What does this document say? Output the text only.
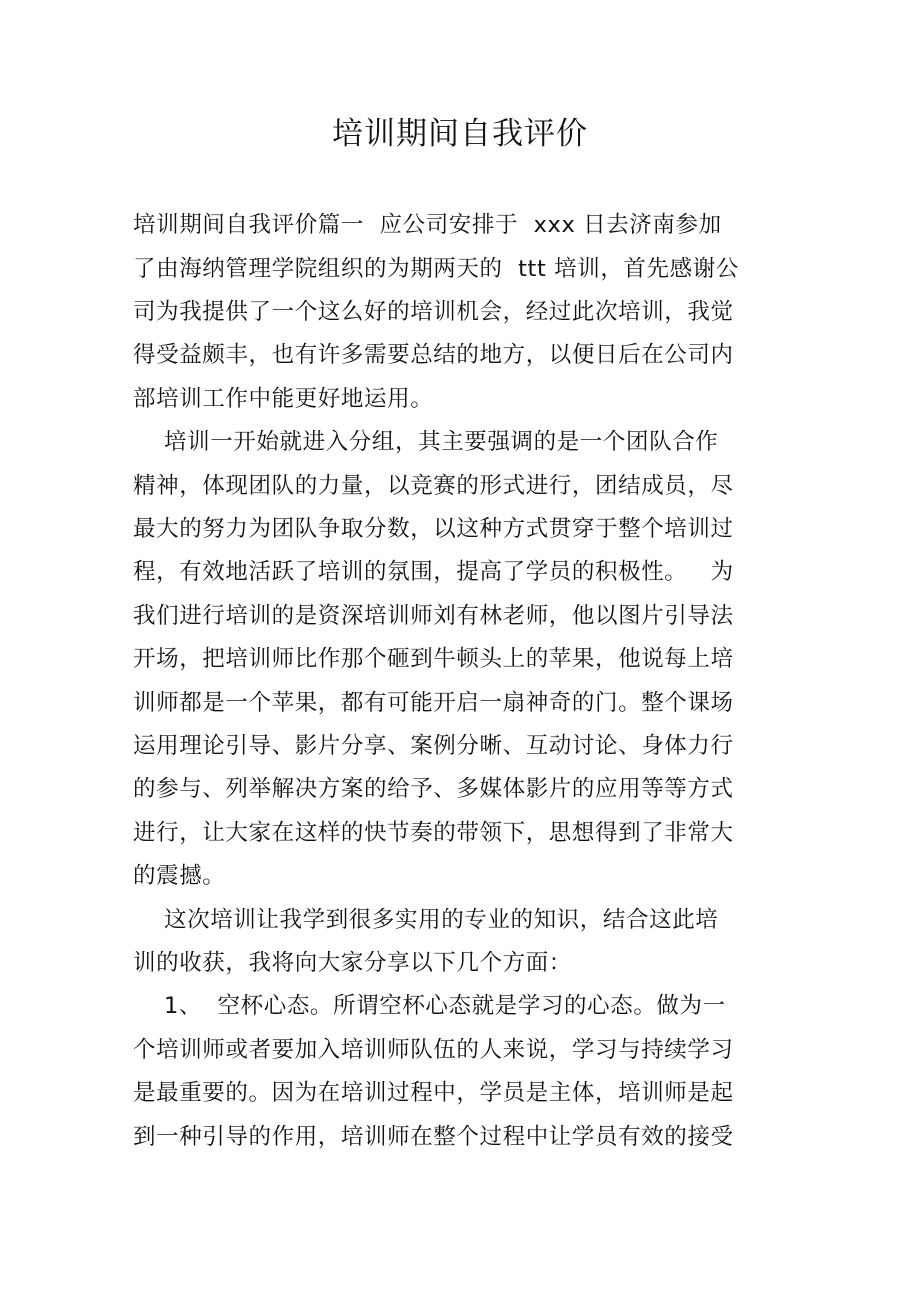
培训期间自我评价
培训期间自我评价篇一  应公司安排于  xxx 日去济南参加
了由海纳管理学院组织的为期两天的  ttt 培训，首先感谢公
司为我提供了一个这么好的培训机会，经过此次培训，我觉
得受益颇丰，也有许多需要总结的地方，以便日后在公司内
部培训工作中能更好地运用。
培训一开始就进入分组，其主要强调的是一个团队合作
精神，体现团队的力量，以竞赛的形式进行，团结成员，尽
最大的努力为团队争取分数，以这种方式贯穿于整个培训过
程，有效地活跃了培训的氛围，提高了学员的积极性。   为
我们进行培训的是资深培训师刘有林老师，他以图片引导法
开场，把培训师比作那个砸到牛顿头上的苹果，他说每上培
训师都是一个苹果，都有可能开启一扇神奇的门。整个课场
运用理论引导、影片分享、案例分晰、互动讨论、身体力行
的参与、列举解决方案的给予、多媒体影片的应用等等方式
进行，让大家在这样的快节奏的带领下，思想得到了非常大
的震撼。
这次培训让我学到很多实用的专业的知识，结合这此培
训的收获，我将向大家分享以下几个方面：
1、  空杯心态。所谓空杯心态就是学习的心态。做为一
个培训师或者要加入培训师队伍的人来说，学习与持续学习
是最重要的。因为在培训过程中，学员是主体，培训师是起
到一种引导的作用，培训师在整个过程中让学员有效的接受
